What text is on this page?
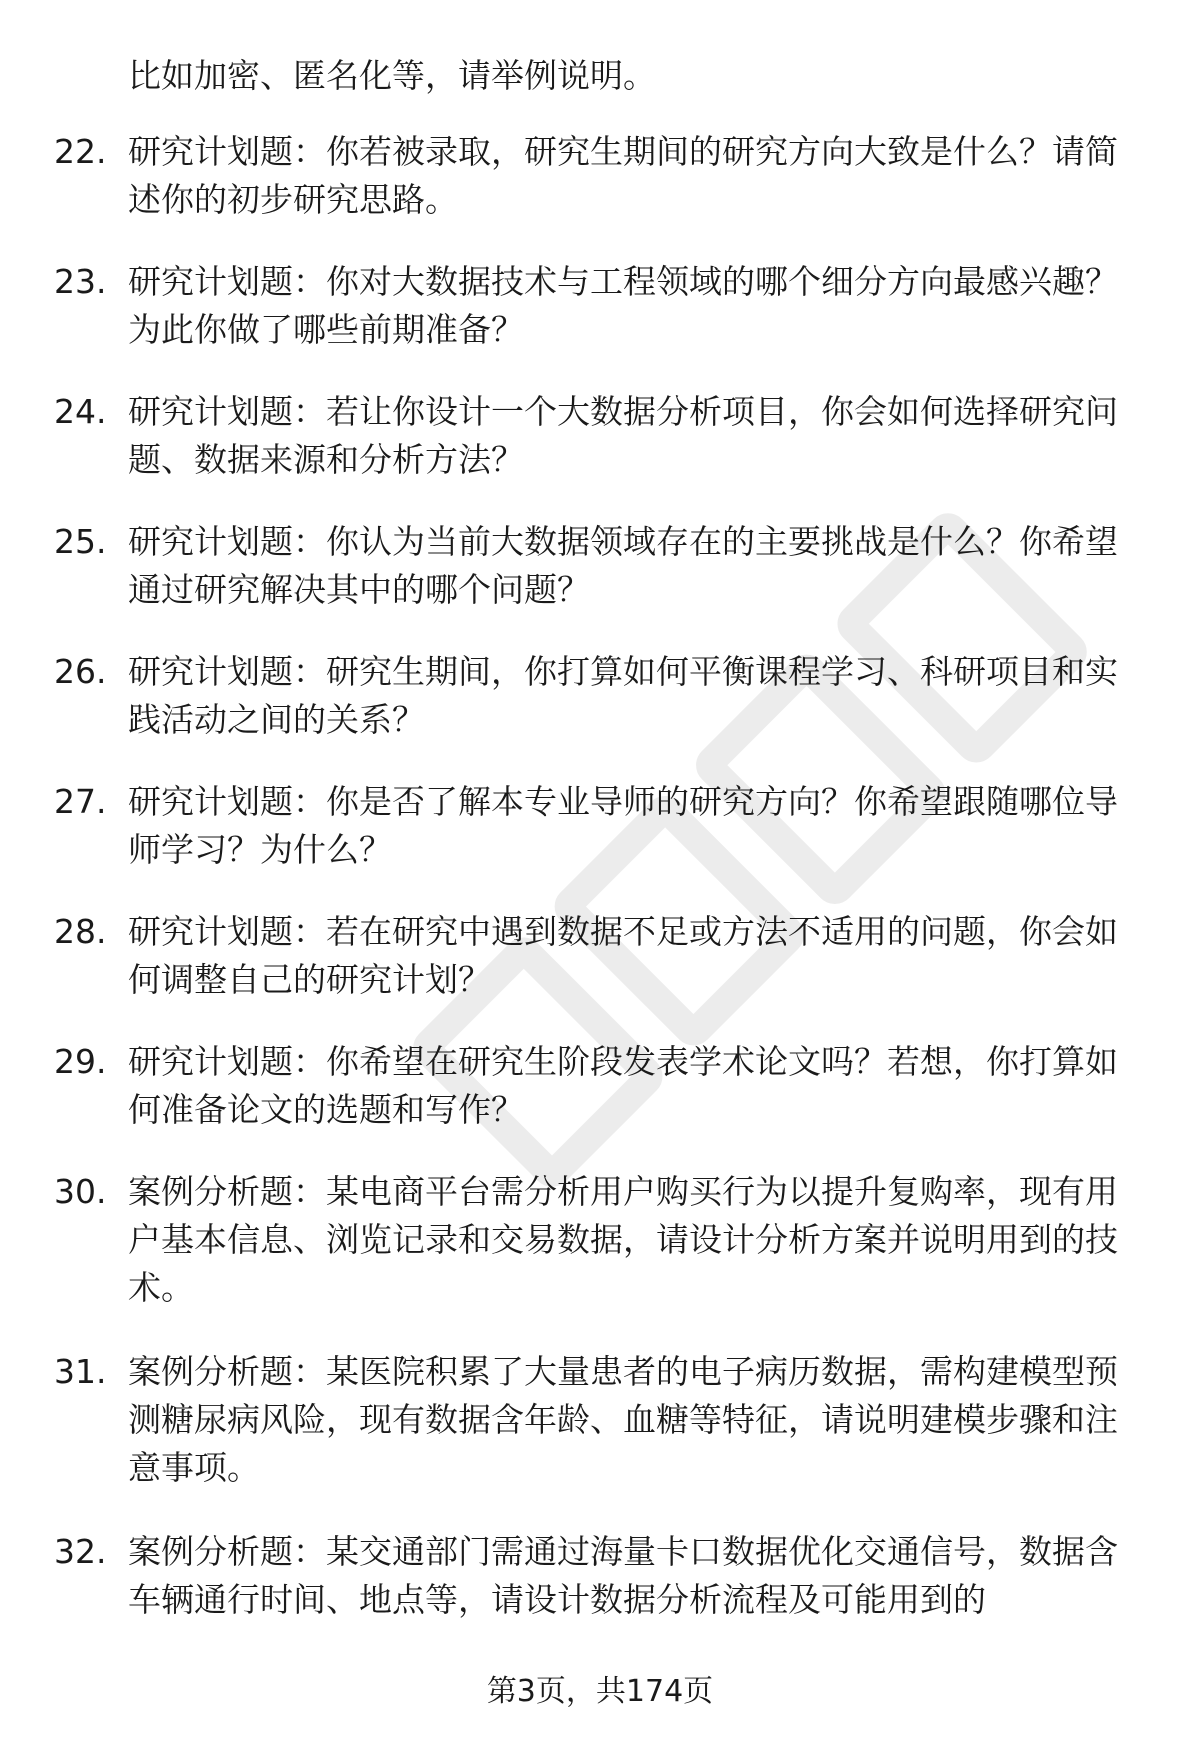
比如加密、匿名化等，请举例说明。
22. 研究计划题：你若被录取，研究生期间的研究方向大致是什么？请简述你的初步研究思路。
23. 研究计划题：你对大数据技术与工程领域的哪个细分方向最感兴趣？为此你做了哪些前期准备？
24. 研究计划题：若让你设计一个大数据分析项目，你会如何选择研究问题、数据来源和分析方法？
25. 研究计划题：你认为当前大数据领域存在的主要挑战是什么？你希望通过研究解决其中的哪个问题？
26. 研究计划题：研究生期间，你打算如何平衡课程学习、科研项目和实践活动之间的关系？
27. 研究计划题：你是否了解本专业导师的研究方向？你希望跟随哪位导师学习？为什么？
28. 研究计划题：若在研究中遇到数据不足或方法不适用的问题，你会如何调整自己的研究计划？
29. 研究计划题：你希望在研究生阶段发表学术论文吗？若想，你打算如何准备论文的选题和写作？
30. 案例分析题：某电商平台需分析用户购买行为以提升复购率，现有用户基本信息、浏览记录和交易数据，请设计分析方案并说明用到的技术。
31. 案例分析题：某医院积累了大量患者的电子病历数据，需构建模型预测糖尿病风险，现有数据含年龄、血糖等特征，请说明建模步骤和注意事项。
32. 案例分析题：某交通部门需通过海量卡口数据优化交通信号，数据含车辆通行时间、地点等，请设计数据分析流程及可能用到的
第3页，共174页
